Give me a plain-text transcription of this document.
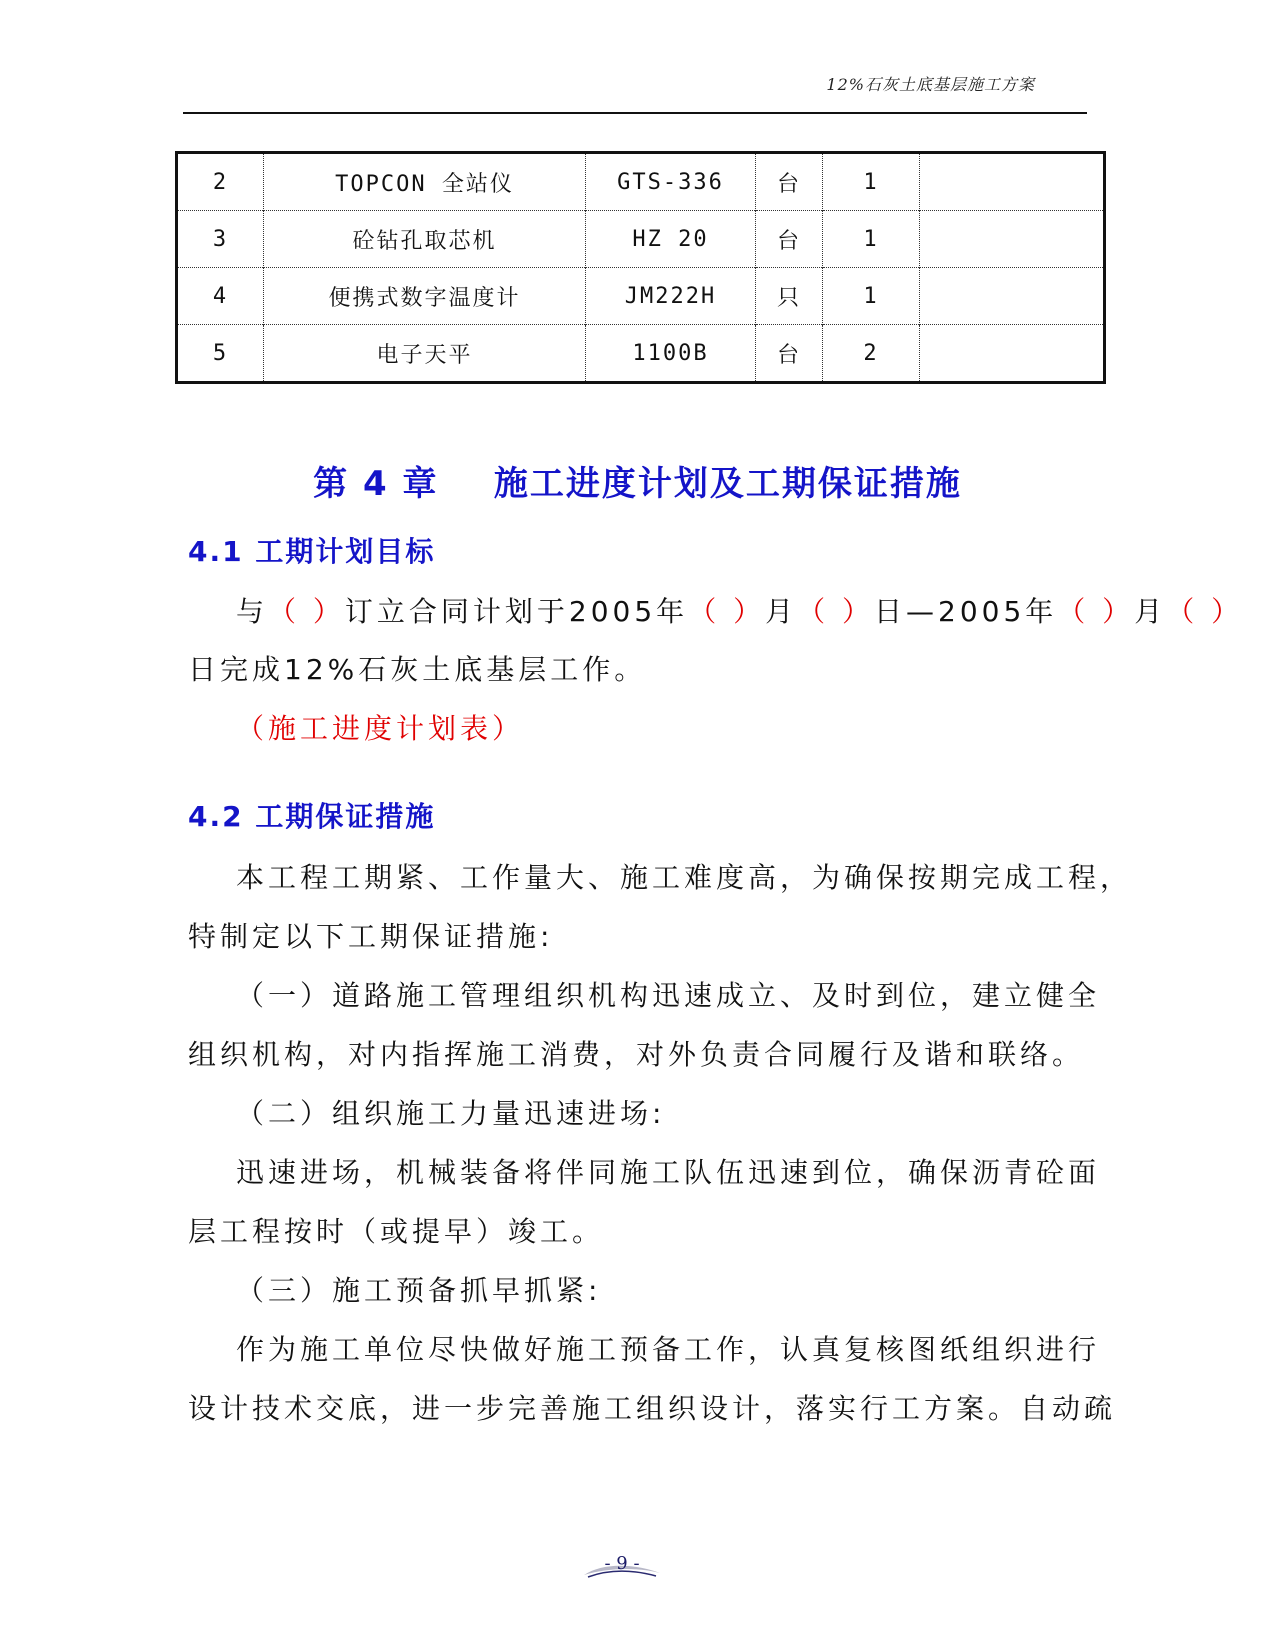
12%石灰土底基层施工方案
2	TOPCON 全站仪	GTS-336	台	1	
3	砼钻孔取芯机	HZ 20	台	1	
4	便携式数字温度计	JM222H	只	1	
5	电子天平	1100B	台	2	
第 4 章 施工进度计划及工期保证措施
4.1 工期计划目标
与（ ）订立合同计划于2005年（ ）月（ ）日—2005年（ ）月（ ）
日完成12%石灰土底基层工作。
（施工进度计划表）
4.2 工期保证措施
本工程工期紧、工作量大、施工难度高，为确保按期完成工程，
特制定以下工期保证措施:
（一）道路施工管理组织机构迅速成立、及时到位，建立健全
组织机构，对内指挥施工消费，对外负责合同履行及谐和联络。
（二）组织施工力量迅速进场:
迅速进场，机械装备将伴同施工队伍迅速到位，确保沥青砼面
层工程按时（或提早）竣工。
（三）施工预备抓早抓紧:
作为施工单位尽快做好施工预备工作，认真复核图纸组织进行
设计技术交底，进一步完善施工组织设计，落实行工方案。自动疏
- 9 -
